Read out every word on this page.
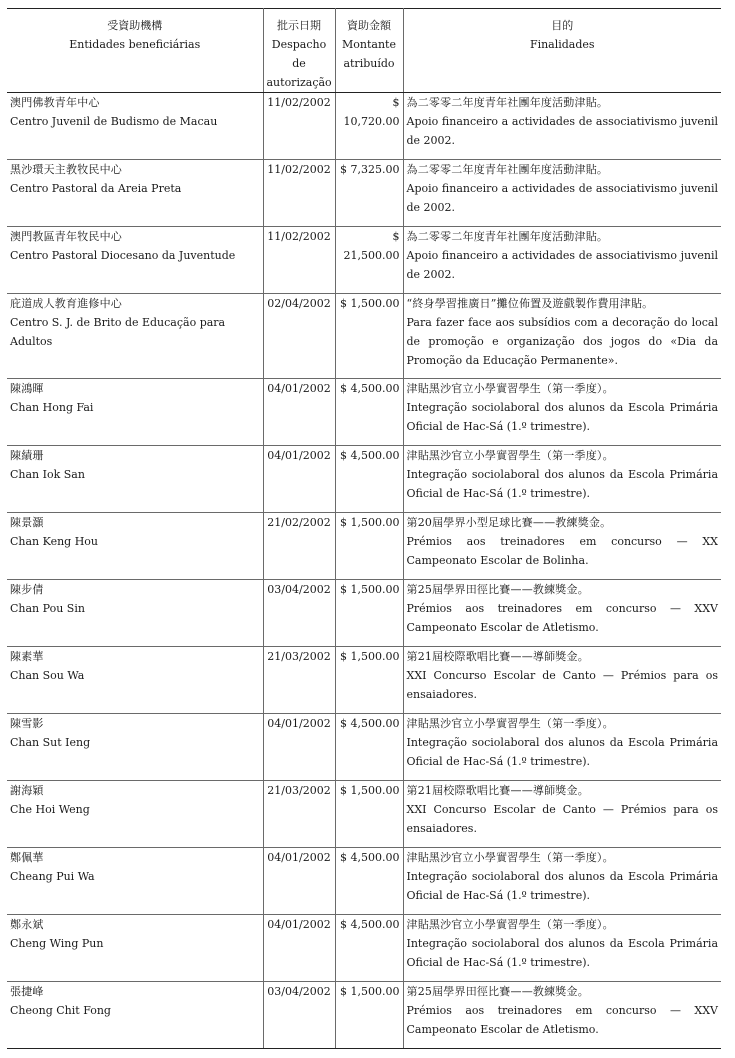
受資助機構
Entidades beneficiárias	批示日期
Despacho de
autorização	資助金額
Montante
atribuído	目的
Finalidades

澳門佛教青年中心
Centro Juvenil de Budismo de Macau	11/02/2002	$ 10,720.00	為二零零二年度青年社團年度活動津貼。
Apoio financeiro a actividades de associativismo juvenil de 2002.

黑沙環天主教牧民中心
Centro Pastoral da Areia Preta	11/02/2002	$ 7,325.00	為二零零二年度青年社團年度活動津貼。
Apoio financeiro a actividades de associativismo juvenil de 2002.

澳門教區青年牧民中心
Centro Pastoral Diocesano da Juventude	11/02/2002	$ 21,500.00	為二零零二年度青年社團年度活動津貼。
Apoio financeiro a actividades de associativismo juvenil de 2002.

庇道成人教育進修中心
Centro S. J. de Brito de Educação para Adultos	02/04/2002	$ 1,500.00	“終身學習推廣日”攤位佈置及遊戲製作費用津貼。
Para fazer face aos subsídios com a decoração do local de promoção e organização dos jogos do «Dia da Promoção da Educação Permanente».

陳鴻暉
Chan Hong Fai	04/01/2002	$ 4,500.00	津貼黑沙官立小學實習學生（第一季度）。
Integração sociolaboral dos alunos da Escola Primária Oficial de Hac-Sá (1.º trimestre).

陳績珊
Chan Iok San	04/01/2002	$ 4,500.00	津貼黑沙官立小學實習學生（第一季度）。
Integração sociolaboral dos alunos da Escola Primária Oficial de Hac-Sá (1.º trimestre).

陳景灝
Chan Keng Hou	21/02/2002	$ 1,500.00	第20屆學界小型足球比賽——教練獎金。
Prémios aos treinadores em concurso — XX Campeonato Escolar de Bolinha.

陳步倩
Chan Pou Sin	03/04/2002	$ 1,500.00	第25屆學界田徑比賽——教練獎金。
Prémios aos treinadores em concurso — XXV Campeonato Escolar de Atletismo.

陳素華
Chan Sou Wa	21/03/2002	$ 1,500.00	第21屆校際歌唱比賽——導師獎金。
XXI Concurso Escolar de Canto — Prémios para os ensaiadores.

陳雪影
Chan Sut Ieng	04/01/2002	$ 4,500.00	津貼黑沙官立小學實習學生（第一季度）。
Integração sociolaboral dos alunos da Escola Primária Oficial de Hac-Sá (1.º trimestre).

謝海穎
Che Hoi Weng	21/03/2002	$ 1,500.00	第21屆校際歌唱比賽——導師獎金。
XXI Concurso Escolar de Canto — Prémios para os ensaiadores.

鄭佩華
Cheang Pui Wa	04/01/2002	$ 4,500.00	津貼黑沙官立小學實習學生（第一季度）。
Integração sociolaboral dos alunos da Escola Primária Oficial de Hac-Sá (1.º trimestre).

鄭永斌
Cheng Wing Pun	04/01/2002	$ 4,500.00	津貼黑沙官立小學實習學生（第一季度）。
Integração sociolaboral dos alunos da Escola Primária Oficial de Hac-Sá (1.º trimestre).

張捷峰
Cheong Chit Fong	03/04/2002	$ 1,500.00	第25屆學界田徑比賽——教練獎金。
Prémios aos treinadores em concurso — XXV Campeonato Escolar de Atletismo.
